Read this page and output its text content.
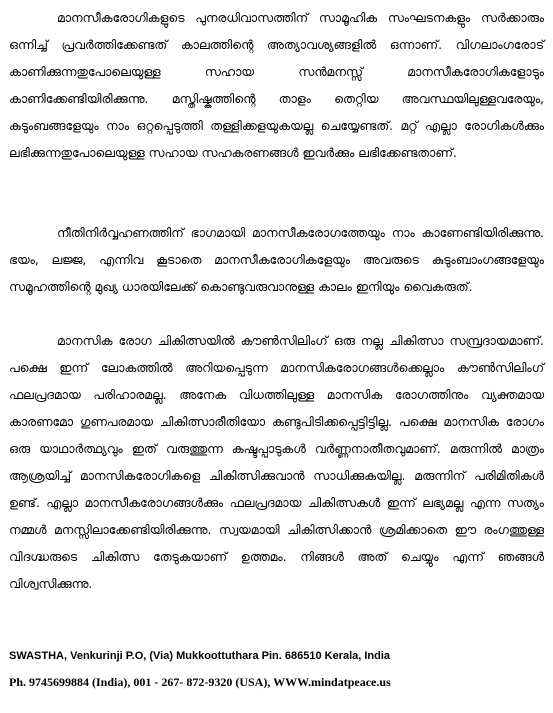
മാനസീകരോഗികളുടെ പുനരധിവാസത്തിന് സാമൂഹിക സംഘടനകളും സർക്കാരും ഒന്നിച്ച് പ്രവർത്തിക്കേണ്ടത് കാലത്തിന്റെ അത്യാവശ്യങ്ങളിൽ ഒന്നാണ്. വിഗലാംഗരോട് കാണിക്കുന്നതുപോലെയുള്ള സഹായ സൻമനസ്സ് മാനസീകരോഗികളോടും കാണിക്കേണ്ടിയിരിക്കുന്നു. മസ്തിഷ്കത്തിന്റെ താളം തെറ്റിയ അവസ്ഥയിലുള്ളവരേയും, കുടുംബങ്ങളേയും നാം ഒറ്റപ്പെടുത്തി തള്ളിക്കളയുകയല്ല ചെയ്യേണ്ടത്. മറ്റ് എല്ലാ രോഗികൾക്കും ലഭിക്കുന്നതുപോലെയുള്ള സഹായ സഹകരണങ്ങൾ ഇവർക്കും ലഭിക്കേണ്ടതാണ്.

നീതിനിർവ്വഹണത്തിന് ഭാഗമായി മാനസീകരോഗത്തേയും നാം കാണേണ്ടിയിരിക്കുന്നു. ഭയം, ലജ്ജ, എന്നിവ കൂടാതെ മാനസീകരോഗികളേയും അവരുടെ കുടുംബാംഗങ്ങളേയും സമൂഹത്തിന്റെ മുഖ്യ ധാരയിലേക്ക് കൊണ്ടുവരുവാനുള്ള കാലം ഇനിയും വൈകരുത്.

മാനസിക രോഗ ചികിത്സയിൽ കൗൺസിലിംഗ് ഒരു നല്ല ചികിത്സാ സമ്പ്രദായമാണ്. പക്ഷെ ഇന്ന് ലോകത്തിൽ അറിയപ്പെടുന്ന മാനസികരോഗങ്ങൾക്കെല്ലാം കൗൺസിലിംഗ് ഫലപ്രദമായ പരിഹാരമല്ല. അനേക വിധത്തിലുള്ള മാനസിക രോഗത്തിനും വ്യക്തമായ കാരണമോ ഗുണപരമായ ചികിത്സാരീതിയോ കണ്ടുപിടിക്കപ്പെട്ടിട്ടില്ല. പക്ഷെ മാനസിക രോഗം ഒരു യാഥാർത്ഥ്യവും ഇത് വരുത്തുന്ന കഷ്ടപ്പാടുകൾ വർണ്ണനാതീതവുമാണ്. മരുന്നിൽ മാത്രം ആശ്രയിച്ച് മാനസികരോഗികളെ ചികിത്സിക്കുവാൻ സാധിക്കുകയില്ല. മരുന്നിന് പരിമിതികൾ ഉണ്ട്. എല്ലാ മാനസീകരോഗങ്ങൾക്കും ഫലപ്രദമായ ചികിത്സകൾ ഇന്ന് ലഭ്യമല്ല എന്ന സത്യം നമ്മൾ മനസ്സിലാക്കേണ്ടിയിരിക്കുന്നു. സ്വയമായി ചികിത്സിക്കാൻ ശ്രമിക്കാതെ ഈ രംഗത്തുള്ള വിദഗ്ദ്ധരുടെ ചികിത്സ തേടുകയാണ് ഉത്തമം. നിങ്ങൾ അത് ചെയ്യും എന്ന് ഞങ്ങൾ വിശ്വസിക്കുന്നു.

SWASTHA, Venkurinji P.O, (Via) Mukkoottuthara Pin. 686510 Kerala, India
Ph. 9745699884 (India), 001 - 267- 872-9320 (USA), WWW.mindatpeace.us
